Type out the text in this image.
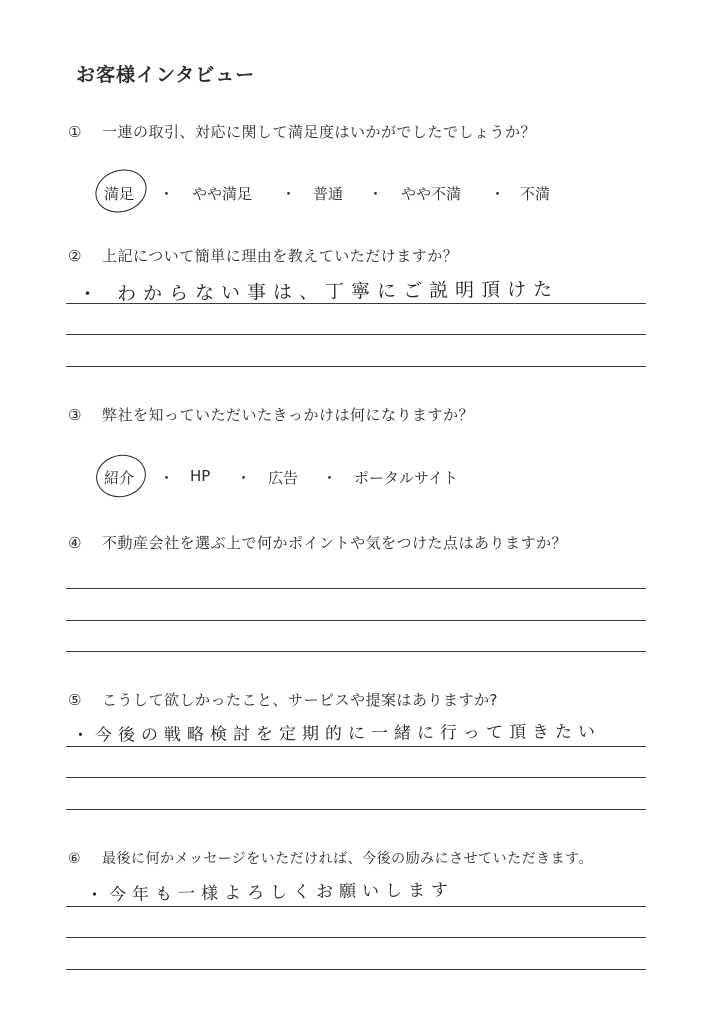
お客様インタビュー
① 一連の取引、対応に関して満足度はいかがでしたでしょうか？
満足 ・ やや満足 ・ 普通 ・ やや不満 ・ 不満
② 上記について簡単に理由を教えていただけますか？
・ わからない事は、丁寧にご説明頂けた
③ 弊社を知っていただいたきっかけは何になりますか？
紹介 ・ HP ・ 広告 ・ ポータルサイト
④ 不動産会社を選ぶ上で何かポイントや気をつけた点はありますか？
⑤ こうして欲しかったこと、サービスや提案はありますか?
・今後の戦略検討を定期的に一緒に行って頂きたい
⑥ 最後に何かメッセージをいただければ、今後の励みにさせていただきます。
・今年も一様よろしくお願いします
